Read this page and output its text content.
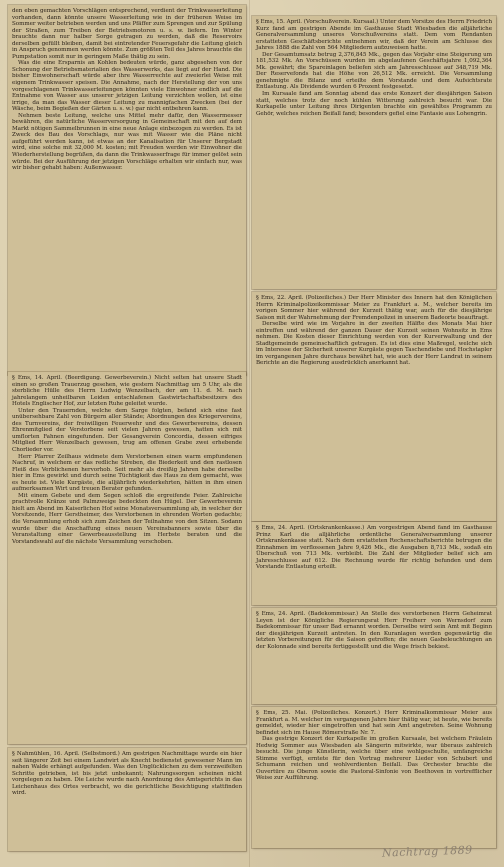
den eben gemachten Vorschlägen entsprechend, verdient der Trinkwasserleitung vorhanden, dann könnte unsere Wasserleitung wie in der früheren Weise im Sommer weiter betrieben werden und uns Pfäffer zum Sprengen und zur Spülung der Straßen, zum Treiben der Betriebsmotoren u. s. w. liefern. Im Winter brauchte dann nur halber Sorge getragen zu werden, daß die Reservoirs derselben gefüllt bleiben, damit bei eintretender Feuersgefahr die Leitung gleich in Anspruch genommen werden könnte. Zum größten Teil des Jahres brauchte die Pumpstation somit nur in geringem Maße thätig zu sein.

Was die eine Ersparnis an Kohlen bedeuten würde, ganz abgesehen von der Schonung der Betriebsmaterialien des Wasserwerks, das liegt auf der Hand. Die bisher Einwohnerschaft würde aber ihre Wasserrechte auf zweierlei Weise mit eigenem Trinkwasser speisen. Die Annahme, nach der Herstellung der von uns vorgeschlagenen Trinkwasserleitungen könnten viele Einwohner endlich auf die Entnahme von Wasser aus unserer jetzigen Leitung verzichten wollen, ist eine irrige, da man das Wasser dieser Leitung zu mannigfachen Zwecken (bei der Wäsche, beim Begießen der Gärten u. s. w.) gar nicht entbehren kann.

Nehmen beste Leitung, welche uns Mittel mehr dafür, den Wassermesser bewähren, die natürliche Wasserversorgung in Gemeinschaft mit den auf dem Markt nötigen Sammelbrunnen in eine neue Anlage einbezogen zu werden. Es ist Zweck des Bau des Vorschlags, nur was mit Wasser wie die Pläne nicht aufgeführt werden kann, ist etwas an der Kanalisation für Unserer Bergstadt wird, eine solche mit 32,000 M. kosten; mit Freuden werden wir Einwohner die Wiederherstellung begrüßen, da dann die Trinkwasserfrage für immer gelöst sein würde. Bei der Ausführung der jetzigen Vorschläge erhalten wir einfach nur, was wir bisher gehabt haben: Außenwasser.

§ Ems, 14. April. (Beerdigung. Gewerbeverein.) Nicht selten hat unsere Stadt einen so großen Trauerzug gesehen, wie gestern Nachmittag um 5 Uhr, als die sterbliche Hülle des Herrn Ludwig Wenzelbach, der am 11. d. M. nach jahrelangem unheilbaren Leiden entschlafenen Gastwirtschaftsbesitzers des Hotels Englischer Hof, zur letzten Ruhe geleitet wurde.

Unter den Trauernden, welche dem Sarge folgten, befand sich eine fast unübersehbare Zahl von Bürgern aller Stände; Abordnungen des Kriegervereins, des Turnvereins, der freiwilligen Feuerwehr und des Gewerbevereins, dessen Ehrenmitglied der Verstorbene seit vielen Jahren gewesen, hatten sich mit umflorten Fahnen eingefunden. Der Gesangverein Concordia, dessen eifriges Mitglied Herr Wenzelbach gewesen, trug am offenen Grabe zwei erhebende Chorlieder vor.

Herr Pfarrer Zeilhaus widmete dem Verstorbenen einen warm empfundenen Nachruf, in welchem er das redliche Streben, die Biederkeit und den rastlosen Fleiß des Verblichenen hervorhob. Seit mehr als dreißig Jahren habe derselbe hier in Ems gewirkt und durch seine Tüchtigkeit das Haus zu dem gemacht, was es heute ist. Viele Kurgäste, die alljährlich wiederkehrten, hätten in ihm einen aufmerksamen Wirt und treuen Berater gefunden.

Mit einem Gebete und dem Segen schloß die ergreifende Feier. Zahlreiche prachtvolle Kränze und Palmzweige bedeckten den Hügel. Der Gewerbeverein hielt am Abend im Kaiserlichen Hof seine Monatsversammlung ab, in welcher der Vorsitzende, Herr Gerstheimer, des Verstorbenen in ehrenden Worten gedachte; die Versammlung erhob sich zum Zeichen der Teilnahme von den Sitzen. Sodann wurde über die Anschaffung eines neuen Vereinsbanners sowie über die Veranstaltung einer Gewerbeausstellung im Herbste beraten und die Vorstandswahl auf die nächste Versammlung verschoben.

§ Nahmühlen, 16. April. (Selbstmord.) Am gestrigen Nachmittage wurde ein hier seit längerer Zeit bei einem Landwirt als Knecht bedienstet gewesener Mann im nahen Walde erhängt aufgefunden. Was den Unglücklichen zu dem verzweifelten Schritte getrieben, ist bis jetzt unbekannt; Nahrungssorgen scheinen nicht vorgelegen zu haben. Die Leiche wurde nach Anordnung des Amtsgerichts in das Leichenhaus des Ortes verbracht, wo die gerichtliche Besichtigung stattfinden wird.

§ Ems, 15. April. (Vorschußverein. Kursaal.) Unter dem Vorsitze des Herrn Friedrich Kurz fand am gestrigen Abende im Gasthause Stadt Wiesbaden die alljährliche Generalversammlung unseres Vorschußvereins statt. Dem vom Rendanten erstatteten Geschäftsberichte entnehmen wir, daß der Verein am Schlusse des Jahres 1888 die Zahl von 564 Mitgliedern aufzuweisen hatte.

Der Gesamtumsatz betrug 2,376,845 Mk., gegen das Vorjahr eine Steigerung um 181,532 Mk. An Vorschüssen wurden im abgelaufenen Geschäftsjahre 1,092,364 Mk. gewährt; die Spareinlagen beliefen sich am Jahresschlusse auf 348,719 Mk. Der Reservefonds hat die Höhe von 26,512 Mk. erreicht. Die Versammlung genehmigte die Bilanz und erteilte dem Vorstande und dem Aufsichtsrate Entlastung. Als Dividende wurden 6 Prozent festgesetzt.

Im Kursaale fand am Sonntag abend das erste Konzert der diesjährigen Saison statt, welches trotz der noch kühlen Witterung zahlreich besucht war. Die Kurkapelle unter Leitung ihres Dirigenten brachte ein gewähltes Programm zu Gehör, welches reichen Beifall fand; besonders gefiel eine Fantasie aus Lohengrin.

§ Ems, 22. April. (Polizeiliches.) Der Herr Minister des Innern hat den Königlichen Herrn Kriminalpolizeikommissar Meier zu Frankfurt a. M., welcher bereits im vorigen Sommer hier während der Kurzeit thätig war, auch für die diesjährige Saison mit der Wahrnehmung der Fremdenpolizei in unserem Badeorte beauftragt.

Derselbe wird wie im Vorjahre in der zweiten Hälfte des Monats Mai hier eintreffen und während der ganzen Dauer der Kurzeit seinen Wohnsitz in Ems nehmen. Die Kosten dieser Einrichtung werden von der Kurverwaltung und der Stadtgemeinde gemeinschaftlich getragen. Es ist dies eine Maßregel, welche sich im Interesse der Sicherheit unserer Kurgäste gegen Taschendiebe und Hochstapler im vergangenen Jahre durchaus bewährt hat, wie auch der Herr Landrat in seinem Berichte an die Regierung ausdrücklich anerkannt hat.

§ Ems, 24. April. (Ortskrankenkasse.) Am vorgestrigen Abend fand im Gasthause Prinz Karl die alljährliche ordentliche Generalversammlung unserer Ortskrankenkasse statt. Nach dem erstatteten Rechenschaftsberichte betrugen die Einnahmen im verflossenen Jahre 9,426 Mk., die Ausgaben 8,713 Mk., sodaß ein Überschuß von 713 Mk. verbleibt. Die Zahl der Mitglieder belief sich am Jahresschlusse auf 612. Die Rechnung wurde für richtig befunden und dem Vorstande Entlastung erteilt.

§ Ems, 24. April. (Badekommissar.) An Stelle des verstorbenen Herrn Geheimrat Leyen ist der Königliche Regierungsrat Herr Freiherr von Wernsdorf zum Badekommissar für unser Bad ernannt worden. Derselbe wird sein Amt mit Beginn der diesjährigen Kurzeit antreten. In den Kuranlagen werden gegenwärtig die letzten Vorbereitungen für die Saison getroffen; die neuen Gasbeleuchtungen an der Kolonnade sind bereits fertiggestellt und die Wege frisch bekiest.

§ Ems, 25. Mai. (Polizeiliches. Konzert.) Herr Kriminalkommissar Meier aus Frankfurt a. M. welcher im vergangenen Jahre hier thätig war, ist heute, wie bereits gemeldet, wieder hier eingetroffen und hat sein Amt angetreten. Seine Wohnung befindet sich im Hause Römerstraße Nr. 7.

Das gestrige Konzert der Kurkapelle im großen Kursaale, bei welchem Fräulein Hedwig Sommer aus Wiesbaden als Sängerin mitwirkte, war überaus zahlreich besucht. Die junge Künstlerin, welche über eine wohlgeschulte, umfangreiche Stimme verfügt, erntete für den Vortrag mehrerer Lieder von Schubert und Schumann reichen und wohlverdienten Beifall. Das Orchester brachte die Ouvertüre zu Oberon sowie die Pastoral-Sinfonie von Beethoven in vortrefflicher Weise zur Aufführung.

Nachtrag 1889
